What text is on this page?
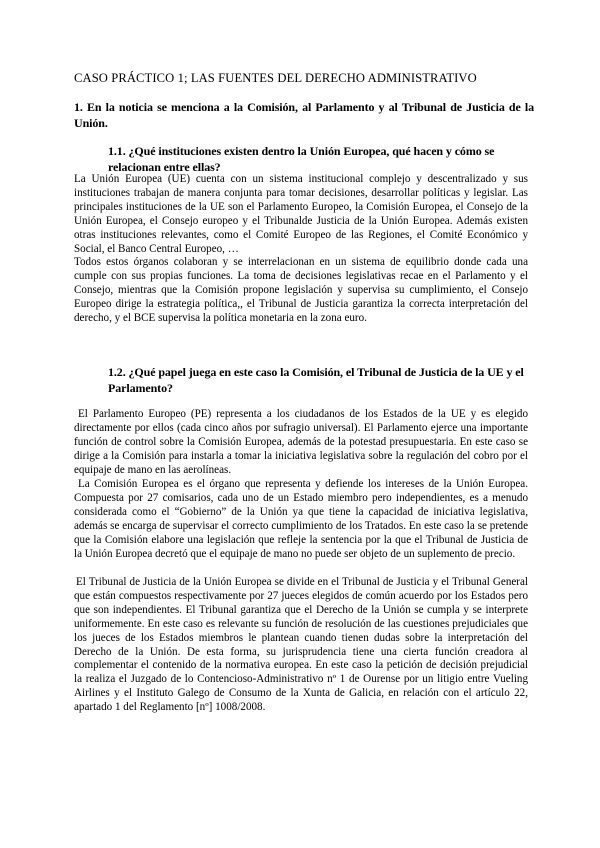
CASO PRÁCTICO 1; LAS FUENTES DEL DERECHO ADMINISTRATIVO
1. En la noticia se menciona a la Comisión, al Parlamento y al Tribunal de Justicia de la Unión.
1.1. ¿Qué instituciones existen dentro la Unión Europea, qué hacen y cómo se relacionan entre ellas?

La Unión Europea (UE) cuenta con un sistema institucional complejo y descentralizado y sus instituciones trabajan de manera conjunta para tomar decisiones, desarrollar políticas y legislar. Las principales instituciones de la UE son el Parlamento Europeo, la Comisión Europea, el Consejo de la Unión Europea, el Consejo europeo y el Tribunalde Justicia de la Unión Europea. Además existen otras instituciones relevantes, como el Comité Europeo de las Regiones, el Comité Económico y Social, el Banco Central Europeo, …

Todos estos órganos colaboran y se interrelacionan en un sistema de equilibrio donde cada una cumple con sus propias funciones. La toma de decisiones legislativas recae en el Parlamento y el Consejo, mientras que la Comisión propone legislación y supervisa su cumplimiento, el Consejo Europeo dirige la estrategia política,, el Tribunal de Justicia garantiza la correcta interpretación del derecho, y el BCE supervisa la política monetaria en la zona euro.

1.2. ¿Qué papel juega en este caso la Comisión, el Tribunal de Justicia de la UE y el Parlamento?

El Parlamento Europeo (PE) representa a los ciudadanos de los Estados de la UE y es elegido directamente por ellos (cada cinco años por sufragio universal). El Parlamento ejerce una importante función de control sobre la Comisión Europea, además de la potestad presupuestaria. En este caso se dirige a la Comisión para instarla a tomar la iniciativa legislativa sobre la regulación del cobro por el equipaje de mano en las aerolíneas.

La Comisión Europea es el órgano que representa y defiende los intereses de la Unión Europea. Compuesta por 27 comisarios, cada uno de un Estado miembro pero independientes, es a menudo considerada como el “Gobierno” de la Unión ya que tiene la capacidad de iniciativa legislativa, además se encarga de supervisar el correcto cumplimiento de los Tratados. En este caso la se pretende que la Comisión elabore una legislación que refleje la sentencia por la que el Tribunal de Justicia de la Unión Europea decretó que el equipaje de mano no puede ser objeto de un suplemento de precio.

El Tribunal de Justicia de la Unión Europea se divide en el Tribunal de Justicia y el Tribunal General que están compuestos respectivamente por 27 jueces elegidos de común acuerdo por los Estados pero que son independientes. El Tribunal garantiza que el Derecho de la Unión se cumpla y se interprete uniformemente. En este caso es relevante su función de resolución de las cuestiones prejudiciales que los jueces de los Estados miembros le plantean cuando tienen dudas sobre la interpretación del Derecho de la Unión. De esta forma, su jurisprudencia tiene una cierta función creadora al complementar el contenido de la normativa europea. En este caso la petición de decisión prejudicial la realiza el Juzgado de lo Contencioso-Administrativo nº 1 de Ourense por un litigio entre Vueling Airlines y el Instituto Galego de Consumo de la Xunta de Galicia, en relación con el artículo 22, apartado 1 del Reglamento [nº] 1008/2008.
